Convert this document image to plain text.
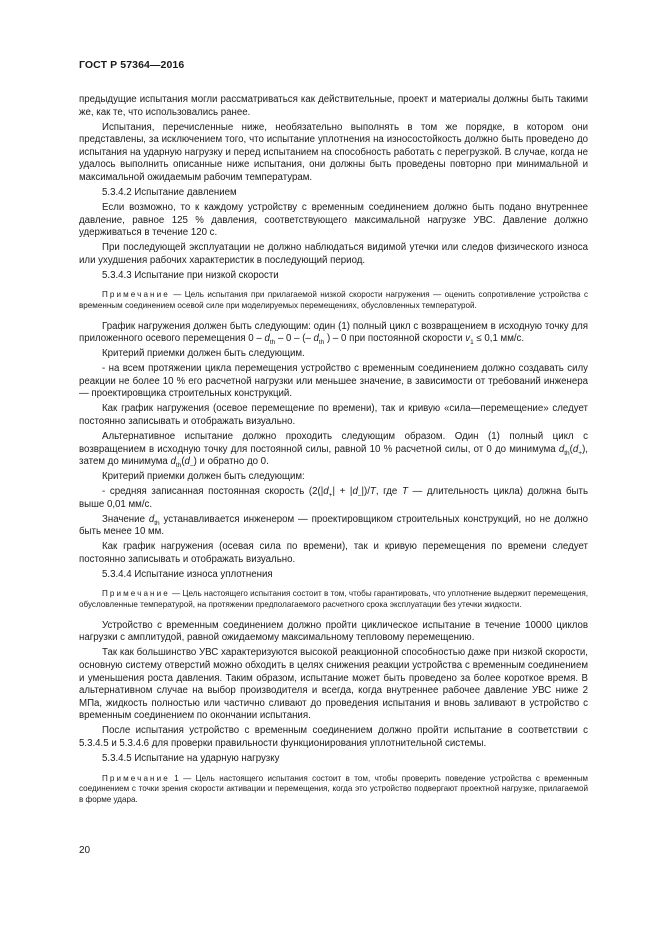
ГОСТ Р 57364—2016

предыдущие испытания могли рассматриваться как действительные, проект и материалы должны быть такими же, как те, что использовались ранее.

Испытания, перечисленные ниже, необязательно выполнять в том же порядке, в котором они представлены, за исключением того, что испытание уплотнения на износостойкость должно быть проведено до испытания на ударную нагрузку и перед испытанием на способность работать с перегрузкой. В случае, когда не удалось выполнить описанные ниже испытания, они должны быть проведены повторно при минимальной и максимальной ожидаемым рабочим температурам.

5.3.4.2 Испытание давлением

Если возможно, то к каждому устройству с временным соединением должно быть подано внутреннее давление, равное 125 % давления, соответствующего максимальной нагрузке УВС. Давление должно удерживаться в течение 120 с.

При последующей эксплуатации не должно наблюдаться видимой утечки или следов физического износа или ухудшения рабочих характеристик в последующий период.

5.3.4.3 Испытание при низкой скорости

Примечание — Цель испытания при прилагаемой низкой скорости нагружения — оценить сопротивление устройства с временным соединением осевой силе при моделируемых перемещениях, обусловленных температурой.

График нагружения должен быть следующим: один (1) полный цикл с возвращением в исходную точку для приложенного осевого перемещения $0 - d_{th} - 0$ – (– $d_{th}$ ) – 0 при постоянной скорости $v_1 \le 0,1$ мм/с.

Критерий приемки должен быть следующим.

- на всем протяжении цикла перемещения устройство с временным соединением должно создавать силу реакции не более 10 % его расчетной нагрузки или меньшее значение, в зависимости от требований инженера — проектировщика строительных конструкций.

Как график нагружения (осевое перемещение по времени), так и кривую «сила—перемещение» следует постоянно записывать и отображать визуально.

Альтернативное испытание должно проходить следующим образом. Один (1) полный цикл с возвращением в исходную точку для постоянной силы, равной 10 % расчетной силы, от 0 до минимума $d_{th}(d_+)$, затем до минимума $d_{th}(d_-)$ и обратно до 0.

Критерий приемки должен быть следующим:

- средняя записанная постоянная скорость ($2(|d_+| + |d_-|)/T$, где T — длительность цикла) должна быть выше 0,01 мм/с.

Значение $d_{th}$ устанавливается инженером — проектировщиком строительных конструкций, но не должно быть менее 10 мм.

Как график нагружения (осевая сила по времени), так и кривую перемещения по времени следует постоянно записывать и отображать визуально.

5.3.4.4 Испытание износа уплотнения

Примечание — Цель настоящего испытания состоит в том, чтобы гарантировать, что уплотнение выдержит перемещения, обусловленные температурой, на протяжении предполагаемого расчетного срока эксплуатации без утечки жидкости.

Устройство с временным соединением должно пройти циклическое испытание в течение 10000 циклов нагрузки с амплитудой, равной ожидаемому максимальному тепловому перемещению.

Так как большинство УВС характеризуются высокой реакционной способностью даже при низкой скорости, основную систему отверстий можно обходить в целях снижения реакции устройства с временным соединением и уменьшения роста давления. Таким образом, испытание может быть проведено за более короткое время. В альтернативном случае на выбор производителя и всегда, когда внутреннее рабочее давление УВС ниже 2 МПа, жидкость полностью или частично сливают до проведения испытания и вновь заливают в устройство с временным соединением по окончании испытания.

После испытания устройство с временным соединением должно пройти испытание в соответствии с 5.3.4.5 и 5.3.4.6 для проверки правильности функционирования уплотнительной системы.

5.3.4.5 Испытание на ударную нагрузку

Примечание 1 — Цель настоящего испытания состоит в том, чтобы проверить поведение устройства с временным соединением с точки зрения скорости активации и перемещения, когда это устройство подвергают проектной нагрузке, прилагаемой в форме удара.

20
